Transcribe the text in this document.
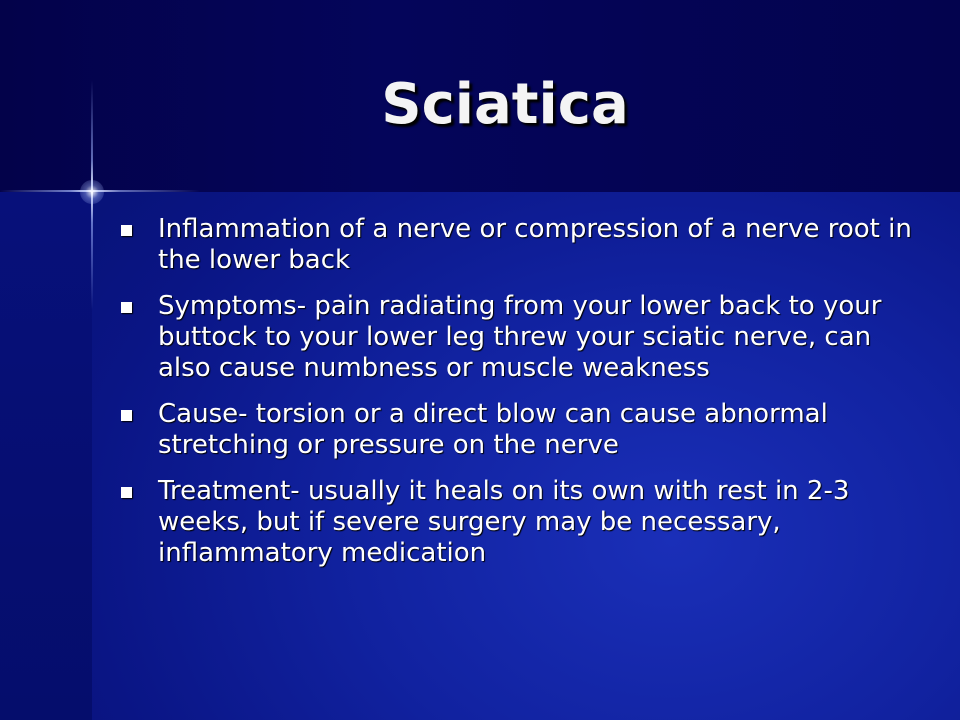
Sciatica
Inflammation of a nerve or compression of a nerve root in the lower back
Symptoms- pain radiating from your lower back to your buttock to your lower leg threw your sciatic nerve, can also cause numbness or muscle weakness
Cause- torsion or a direct blow can cause abnormal stretching or pressure on the nerve
Treatment- usually it heals on its own with rest in 2-3 weeks, but if severe surgery may be necessary, inflammatory medication
